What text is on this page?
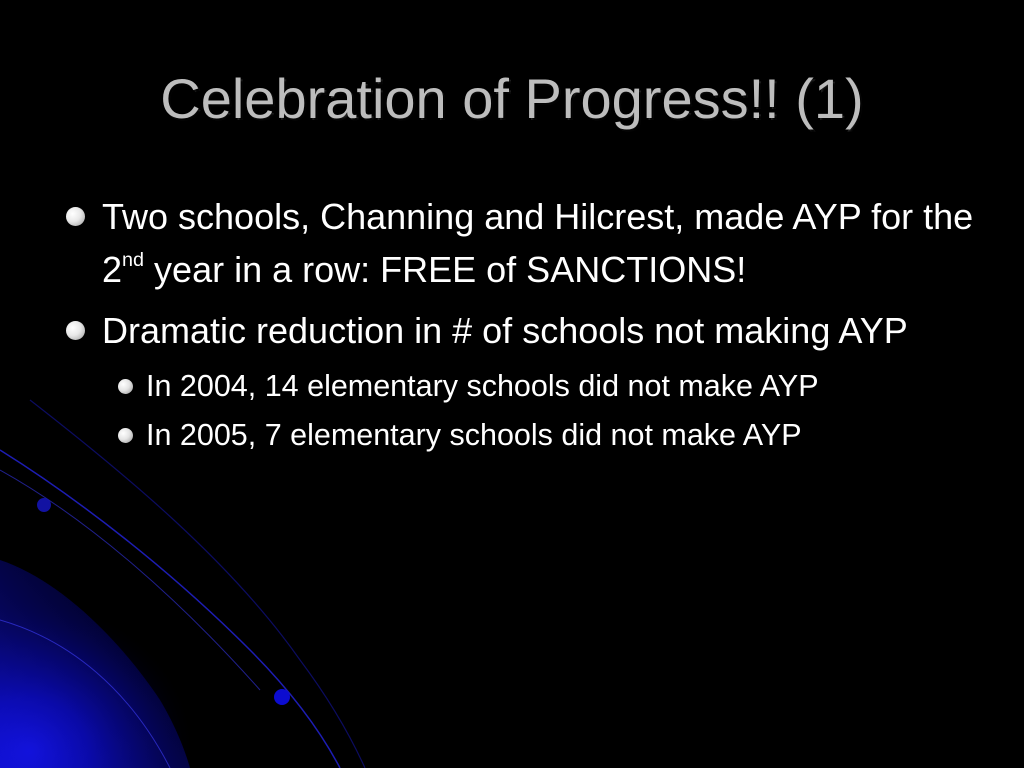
Celebration of Progress!! (1)
Two schools, Channing and Hilcrest, made AYP for the 2nd year in a row: FREE of SANCTIONS!
Dramatic reduction in # of schools not making AYP
In 2004, 14 elementary schools did not make AYP
In 2005, 7 elementary schools did not make AYP
